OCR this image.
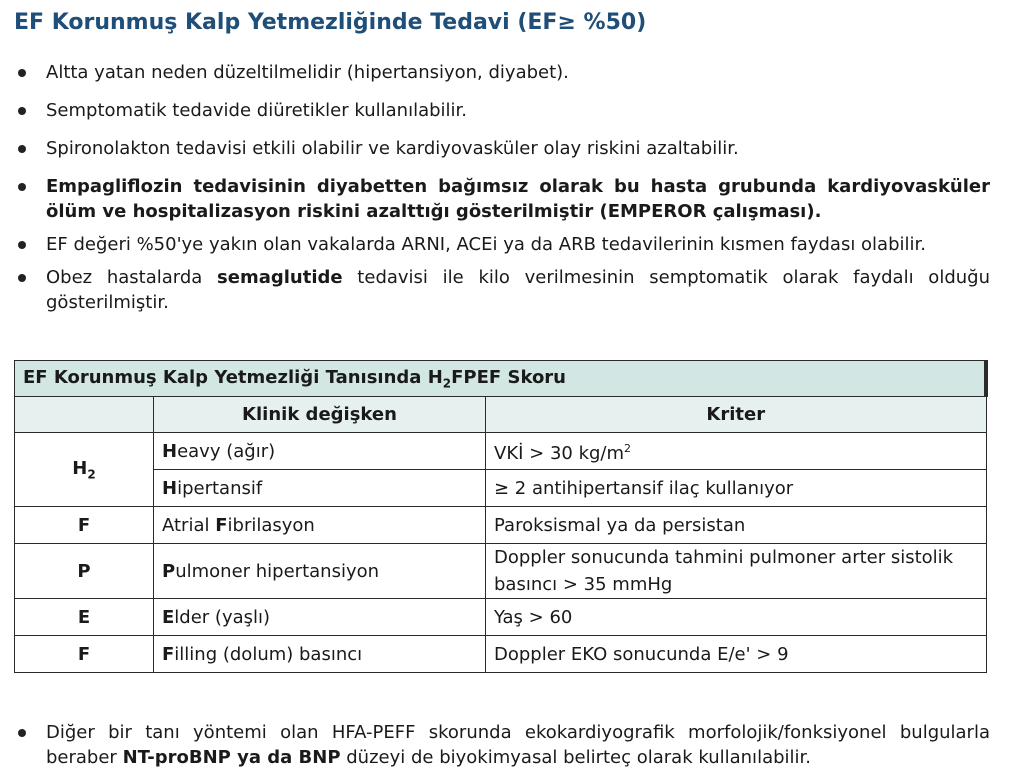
EF Korunmuş Kalp Yetmezliğinde Tedavi (EF≥ %50)
Altta yatan neden düzeltilmelidir (hipertansiyon, diyabet).
Semptomatik tedavide diüretikler kullanılabilir.
Spironolakton tedavisi etkili olabilir ve kardiyovasküler olay riskini azaltabilir.
Empagliflozin tedavisinin diyabetten bağımsız olarak bu hasta grubunda kardiyovasküler ölüm ve hospitalizasyon riskini azalttığı gösterilmiştir (EMPEROR çalışması).
EF değeri %50'ye yakın olan vakalarda ARNI, ACEi ya da ARB tedavilerinin kısmen faydası olabilir.
Obez hastalarda semaglutide tedavisi ile kilo verilmesinin semptomatik olarak faydalı olduğu gösterilmiştir.
EF Korunmuş Kalp Yetmezliği Tanısında $H_2FPEF$ Skoru		
	Klinik değişken	Kriter
$H_2$	Heavy (ağır)	VKİ > 30 $kg/m^2$
	Hipertansif	≥ 2 antihipertansif ilaç kullanıyor
F	Atrial Fibrilasyon	Paroksismal ya da persistan
P	Pulmoner hipertansiyon	Doppler sonucunda tahmini pulmoner arter sistolik basıncı > 35 mmHg
E	Elder (yaşlı)	Yaş > 60
F	Filling (dolum) basıncı	Doppler EKO sonucunda E/e' > 9
Diğer bir tanı yöntemi olan HFA-PEFF skorunda ekokardiyografik morfolojik/fonksiyonel bulgularla beraber NT-proBNP ya da BNP düzeyi de biyokimyasal belirteç olarak kullanılabilir.
